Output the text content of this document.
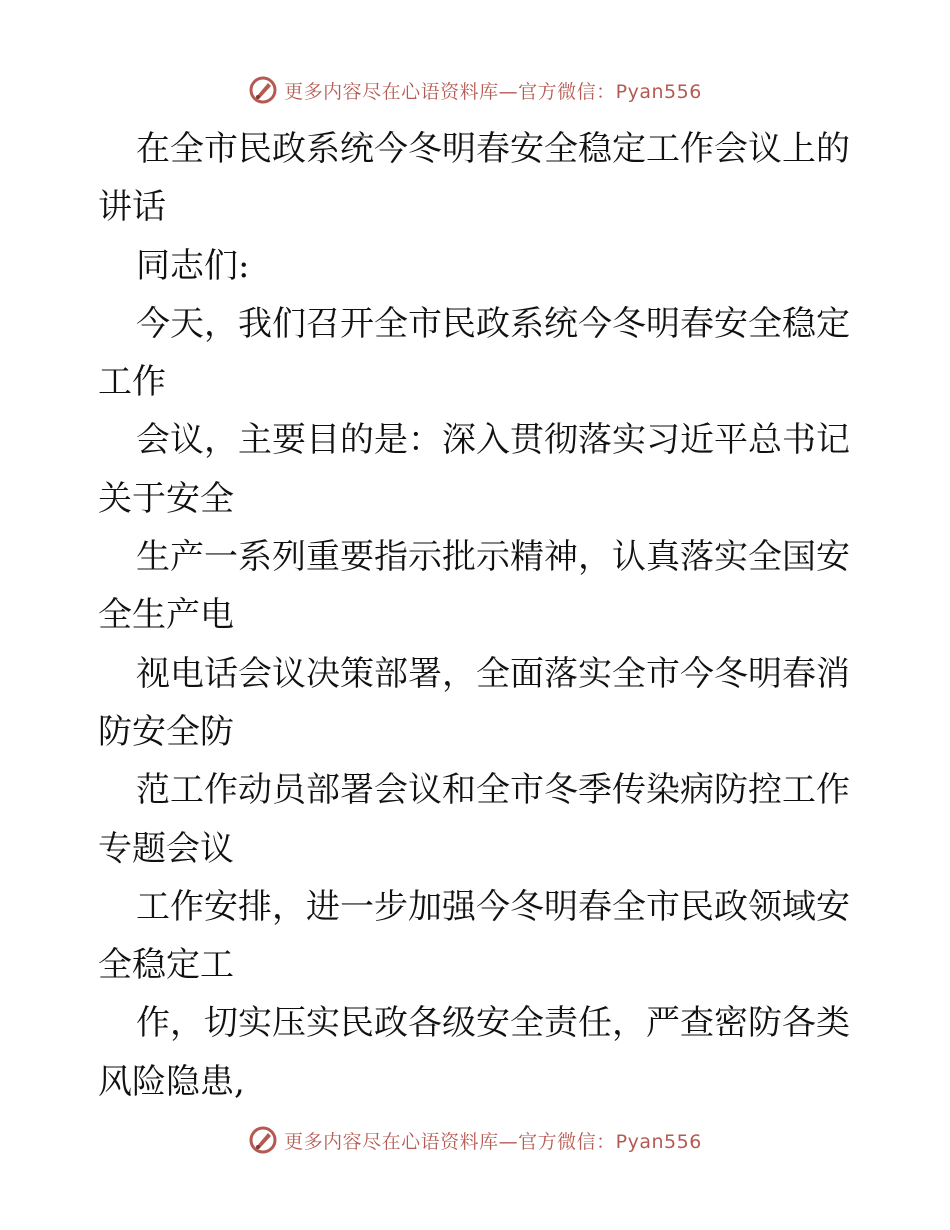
更多内容尽在心语资料库—官方微信：Pyan556
在全市民政系统今冬明春安全稳定工作会议上的
讲话
同志们:
今天，我们召开全市民政系统今冬明春安全稳定
工作
会议，主要目的是：深入贯彻落实习近平总书记
关于安全
生产一系列重要指示批示精神，认真落实全国安
全生产电
视电话会议决策部署，全面落实全市今冬明春消
防安全防
范工作动员部署会议和全市冬季传染病防控工作
专题会议
工作安排，进一步加强今冬明春全市民政领域安
全稳定工
作，切实压实民政各级安全责任，严查密防各类
风险隐患,
更多内容尽在心语资料库—官方微信：Pyan556
